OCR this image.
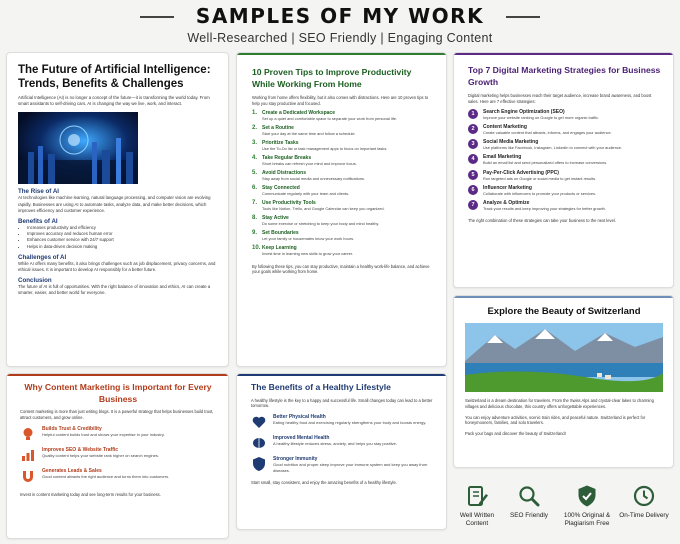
SAMPLES OF MY WORK
Well-Researched | SEO Friendly | Engaging Content
The Future of Artificial Intelligence: Trends, Benefits & Challenges
Artificial Intelligence (AI) is no longer a concept of the future—it is transforming the world today. From smart assistants to self-driving cars, AI is changing the way we live, work, and interact.
The Rise of AI
AI technologies like machine learning, natural language processing, and computer vision are evolving rapidly. Businesses are using AI to automate tasks, analyze data, and make better decisions, which improves efficiency and customer experience.
Benefits of AI
• Increases productivity and efficiency
• Improves accuracy and reduces human error
• Enhances customer service with 24/7 support
• Helps in data-driven decision making
Challenges of AI
While AI offers many benefits, it also brings challenges such as job displacement, privacy concerns, and ethical issues. It is important to develop AI responsibly for a better future.
Conclusion
The future of AI is full of opportunities. With the right balance of innovation and ethics, AI can create a smarter, easier, and better world for everyone.
10 Proven Tips to Improve Productivity While Working From Home
Working from home offers flexibility, but it also comes with distractions. Here are 10 proven tips to help you stay productive and focused.
1. Create a Dedicated Workspace
Set up a quiet and comfortable space to separate your work from personal life.
2. Set a Routine
Start your day at the same time and follow a schedule.
3. Prioritize Tasks
Use the To-Do list or task management apps to focus on important tasks.
4. Take Regular Breaks
Short breaks can refresh your mind and improve focus.
5. Avoid Distractions
Stay away from social media and unnecessary notifications.
6. Stay Connected
Communicate regularly with your team and clients.
7. Use Productivity Tools
Tools like Notion, Trello, and Google Calendar can keep you organized.
8. Stay Active
Do some exercise or stretching to keep your body and mind healthy.
9. Set Boundaries
Let your family or housemates know your work hours.
10. Keep Learning
Invest time in learning new skills to grow your career.
By following these tips, you can stay productive, maintain a healthy work-life balance, and achieve your goals while working from home.
Top 7 Digital Marketing Strategies for Business Growth
Digital marketing helps businesses reach their target audience, increase brand awareness, and boost sales. Here are 7 effective strategies:
1	Search Engine Optimization (SEO)
Improve your website ranking on Google to get more organic traffic.
2	Content Marketing
Create valuable content that attracts, informs, and engages your audience.
3	Social Media Marketing
Use platforms like Facebook, Instagram, LinkedIn to connect with your audience.
4	Email Marketing
Build an email list and send personalized offers to increase conversions.
5	Pay-Per-Click Advertising (PPC)
Run targeted ads on Google or social media to get instant results.
6	Influencer Marketing
Collaborate with influencers to promote your products or services.
7	Analyze & Optimize
Track your results and keep improving your strategies for better growth.
The right combination of these strategies can take your business to the next level.
Why Content Marketing is Important for Every Business
Content marketing is more than just writing blogs. It is a powerful strategy that helps businesses build trust, attract customers, and grow online.
Builds Trust & Credibility
Helpful content builds trust and shows your expertise in your industry.
Improves SEO & Website Traffic
Quality content helps your website rank higher on search engines.
Generates Leads & Sales
Good content attracts the right audience and turns them into customers.
Invest in content marketing today and see long-term results for your business.
The Benefits of a Healthy Lifestyle
A healthy lifestyle is the key to a happy and successful life. Small changes today can lead to a better tomorrow.
Better Physical Health
Eating healthy food and exercising regularly strengthens your body and boosts energy.
Improved Mental Health
A healthy lifestyle reduces stress, anxiety, and helps you stay positive.
Stronger Immunity
Good nutrition and proper sleep improve your immune system and keep you away from diseases.
Start small, stay consistent, and enjoy the amazing benefits of a healthy lifestyle.
Explore the Beauty of Switzerland
Switzerland is a dream destination for travelers. From the Swiss Alps and crystal-clear lakes to charming villages and delicious chocolate, this country offers unforgettable experiences.
You can enjoy adventure activities, scenic train rides, and peaceful nature. Switzerland is perfect for honeymooners, families, and solo travelers.
Pack your bags and discover the beauty of Switzerland!
Well Written Content
SEO Friendly	100% Original & Plagiarism Free
On-Time Delivery
